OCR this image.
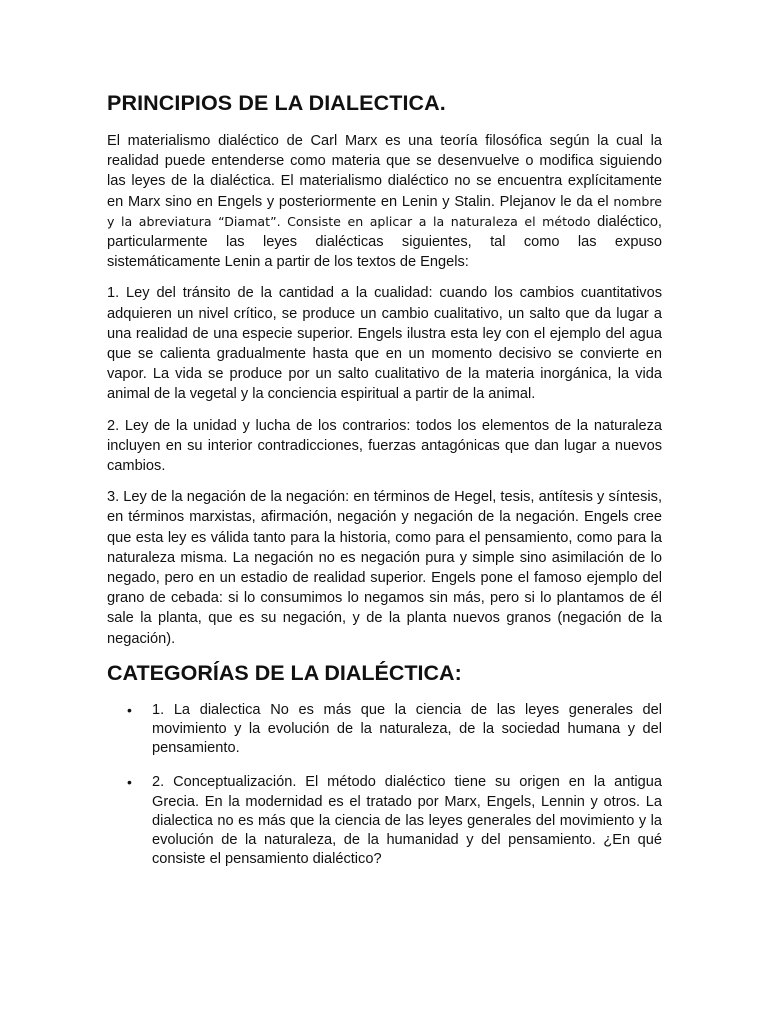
PRINCIPIOS DE LA DIALECTICA.

El materialismo dialéctico de Carl Marx es una teoría filosófica según la cual la realidad puede entenderse como materia que se desenvuelve o modifica siguiendo las leyes de la dialéctica. El materialismo dialéctico no se encuentra explícitamente en Marx sino en Engels y posteriormente en Lenin y Stalin. Plejanov le da el nombre y la abreviatura “Diamat”. Consiste en aplicar a la naturaleza el método dialéctico, particularmente las leyes dialécticas siguientes, tal como las expuso sistemáticamente Lenin a partir de los textos de Engels:

1. Ley del tránsito de la cantidad a la cualidad: cuando los cambios cuantitativos adquieren un nivel crítico, se produce un cambio cualitativo, un salto que da lugar a una realidad de una especie superior. Engels ilustra esta ley con el ejemplo del agua que se calienta gradualmente hasta que en un momento decisivo se convierte en vapor. La vida se produce por un salto cualitativo de la materia inorgánica, la vida animal de la vegetal y la conciencia espiritual a partir de la animal.

2. Ley de la unidad y lucha de los contrarios: todos los elementos de la naturaleza incluyen en su interior contradicciones, fuerzas antagónicas que dan lugar a nuevos cambios.

3. Ley de la negación de la negación: en términos de Hegel, tesis, antítesis y síntesis, en términos marxistas, afirmación, negación y negación de la negación. Engels cree que esta ley es válida tanto para la historia, como para el pensamiento, como para la naturaleza misma. La negación no es negación pura y simple sino asimilación de lo negado, pero en un estadio de realidad superior. Engels pone el famoso ejemplo del grano de cebada: si lo consumimos lo negamos sin más, pero si lo plantamos de él sale la planta, que es su negación, y de la planta nuevos granos (negación de la negación).

CATEGORÍAS DE LA DIALÉCTICA:
• 1. La dialectica No es más que la ciencia de las leyes generales del movimiento y la evolución de la naturaleza, de la sociedad humana y del pensamiento.
• 2. Conceptualización. El método dialéctico tiene su origen en la antigua Grecia. En la modernidad es el tratado por Marx, Engels, Lennin y otros. La dialectica no es más que la ciencia de las leyes generales del movimiento y la evolución de la naturaleza, de la humanidad y del pensamiento. ¿En qué consiste el pensamiento dialéctico?
